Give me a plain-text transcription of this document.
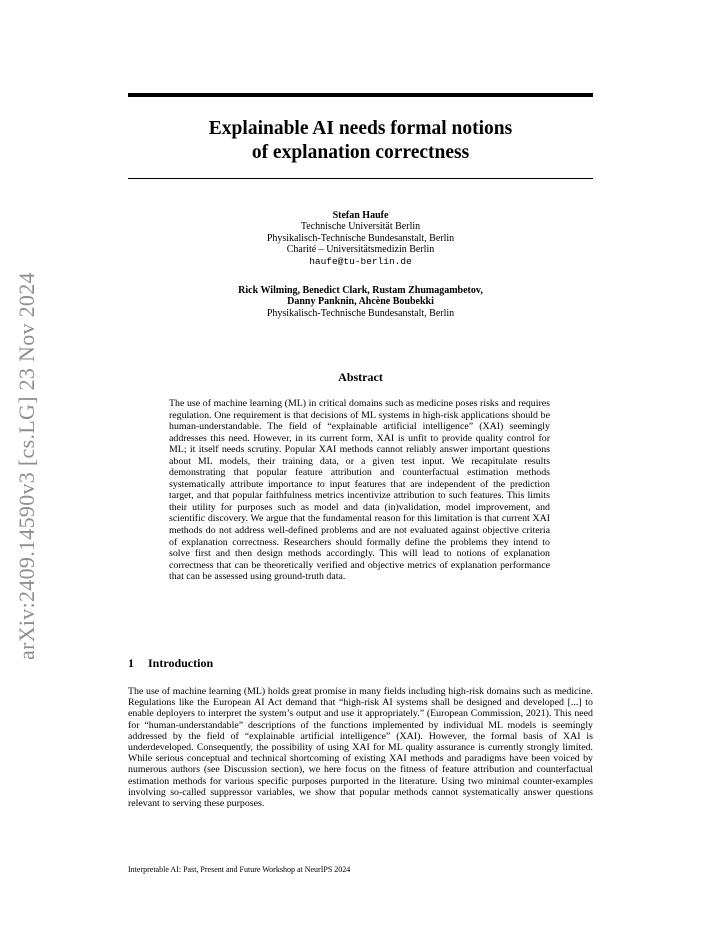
arXiv:2409.14590v3 [cs.LG] 23 Nov 2024
Explainable AI needs formal notions
of explanation correctness
Stefan Haufe
Technische Universität Berlin
Physikalisch-Technische Bundesanstalt, Berlin
Charité – Universitätsmedizin Berlin
haufe@tu-berlin.de
Rick Wilming, Benedict Clark, Rustam Zhumagambetov,
Danny Panknin, Ahcène Boubekki
Physikalisch-Technische Bundesanstalt, Berlin
Abstract
The use of machine learning (ML) in critical domains such as medicine poses risks and requires regulation. One requirement is that decisions of ML systems in high-risk applications should be human-understandable. The field of “explainable artificial intelligence” (XAI) seemingly addresses this need. However, in its current form, XAI is unfit to provide quality control for ML; it itself needs scrutiny. Popular XAI methods cannot reliably answer important questions about ML models, their training data, or a given test input. We recapitulate results demonstrating that popular feature attribution and counterfactual estimation methods systematically attribute importance to input features that are independent of the prediction target, and that popular faithfulness metrics incentivize attribution to such features. This limits their utility for purposes such as model and data (in)validation, model improvement, and scientific discovery. We argue that the fundamental reason for this limitation is that current XAI methods do not address well-defined problems and are not evaluated against objective criteria of explanation correctness. Researchers should formally define the problems they intend to solve first and then design methods accordingly. This will lead to notions of explanation correctness that can be theoretically verified and objective metrics of explanation performance that can be assessed using ground-truth data.
1 Introduction
The use of machine learning (ML) holds great promise in many fields including high-risk domains such as medicine. Regulations like the European AI Act demand that “high-risk AI systems shall be designed and developed [...] to enable deployers to interpret the system’s output and use it appropriately.” (European Commission, 2021). This need for “human-understandable” descriptions of the functions implemented by individual ML models is seemingly addressed by the field of “explainable artificial intelligence” (XAI). However, the formal basis of XAI is underdeveloped. Consequently, the possibility of using XAI for ML quality assurance is currently strongly limited. While serious conceptual and technical shortcoming of existing XAI methods and paradigms have been voiced by numerous authors (see Discussion section), we here focus on the fitness of feature attribution and counterfactual estimation methods for various specific purposes purported in the literature. Using two minimal counter-examples involving so-called suppressor variables, we show that popular methods cannot systematically answer questions relevant to serving these purposes.
Interpretable AI: Past, Present and Future Workshop at NeurIPS 2024
